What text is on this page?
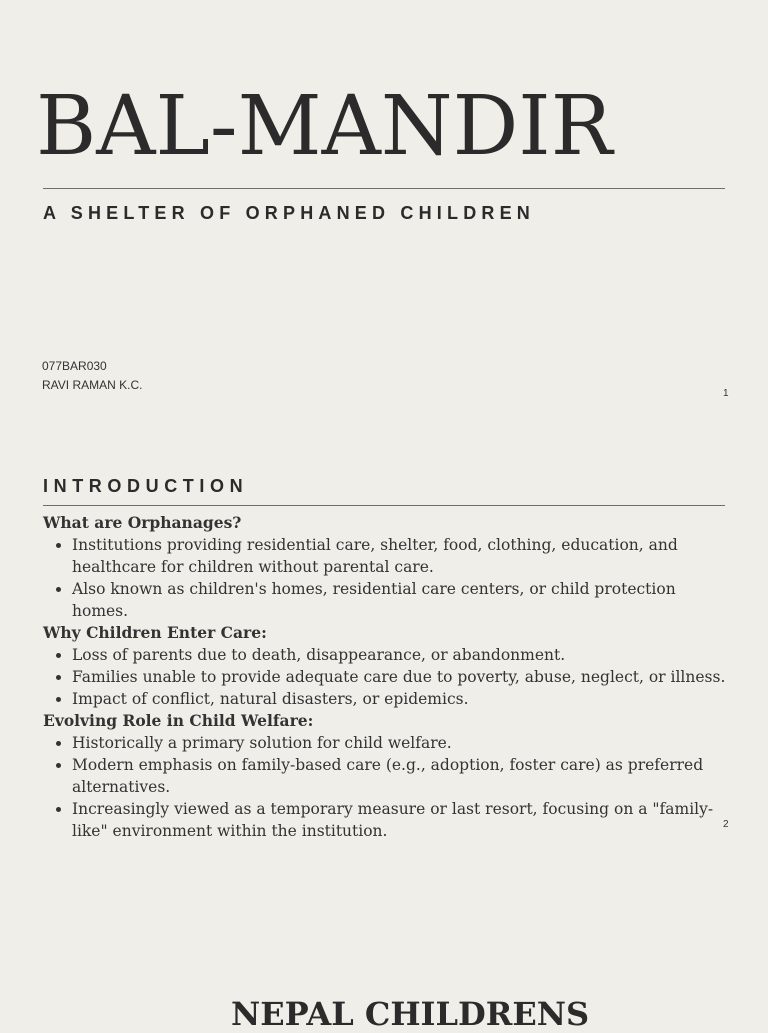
BAL-MANDIR
A SHELTER OF ORPHANED CHILDREN
077BAR030
RAVI RAMAN K.C.
1
INTRODUCTION
What are Orphanages?
• Institutions providing residential care, shelter, food, clothing, education, and healthcare for children without parental care.
• Also known as children's homes, residential care centers, or child protection homes.
Why Children Enter Care:
• Loss of parents due to death, disappearance, or abandonment.
• Families unable to provide adequate care due to poverty, abuse, neglect, or illness.
• Impact of conflict, natural disasters, or epidemics.
Evolving Role in Child Welfare:
• Historically a primary solution for child welfare.
• Modern emphasis on family-based care (e.g., adoption, foster care) as preferred alternatives.
• Increasingly viewed as a temporary measure or last resort, focusing on a "family-like" environment within the institution.	2
NEPAL CHILDRENS
